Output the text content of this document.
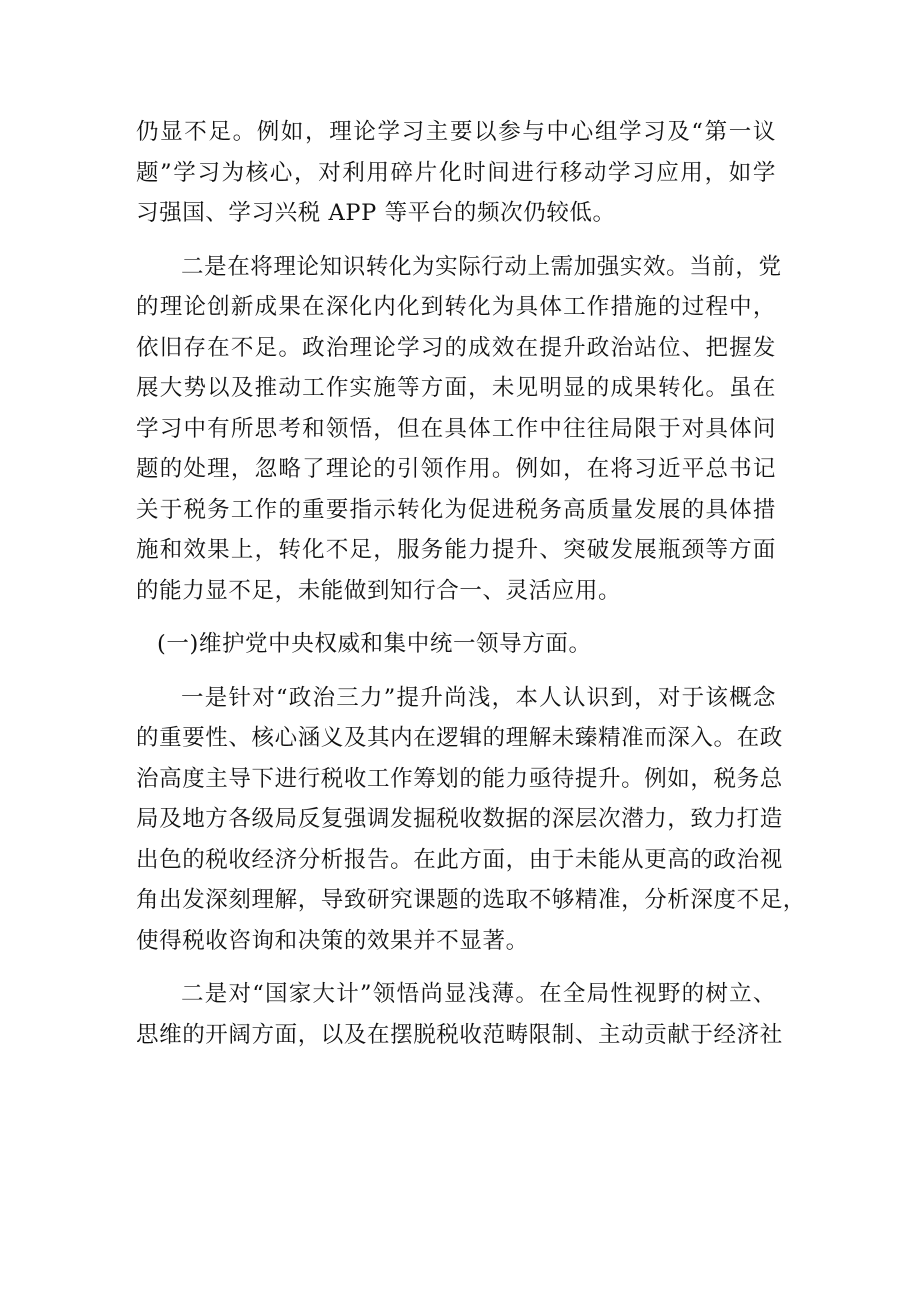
仍显不足。例如，理论学习主要以参与中心组学习及“第一议
题”学习为核心，对利用碎片化时间进行移动学习应用，如学
习强国、学习兴税 APP 等平台的频次仍较低。

二是在将理论知识转化为实际行动上需加强实效。当前，党
的理论创新成果在深化内化到转化为具体工作措施的过程中，
依旧存在不足。政治理论学习的成效在提升政治站位、把握发
展大势以及推动工作实施等方面，未见明显的成果转化。虽在
学习中有所思考和领悟，但在具体工作中往往局限于对具体问
题的处理，忽略了理论的引领作用。例如，在将习近平总书记
关于税务工作的重要指示转化为促进税务高质量发展的具体措
施和效果上，转化不足，服务能力提升、突破发展瓶颈等方面
的能力显不足，未能做到知行合一、灵活应用。

(一)维护党中央权威和集中统一领导方面。

一是针对“政治三力”提升尚浅，本人认识到，对于该概念
的重要性、核心涵义及其内在逻辑的理解未臻精准而深入。在政
治高度主导下进行税收工作筹划的能力亟待提升。例如，税务总
局及地方各级局反复强调发掘税收数据的深层次潜力，致力打造
出色的税收经济分析报告。在此方面，由于未能从更高的政治视
角出发深刻理解，导致研究课题的选取不够精准，分析深度不足，
使得税收咨询和决策的效果并不显著。

二是对“国家大计”领悟尚显浅薄。在全局性视野的树立、
思维的开阔方面，以及在摆脱税收范畴限制、主动贡献于经济社
